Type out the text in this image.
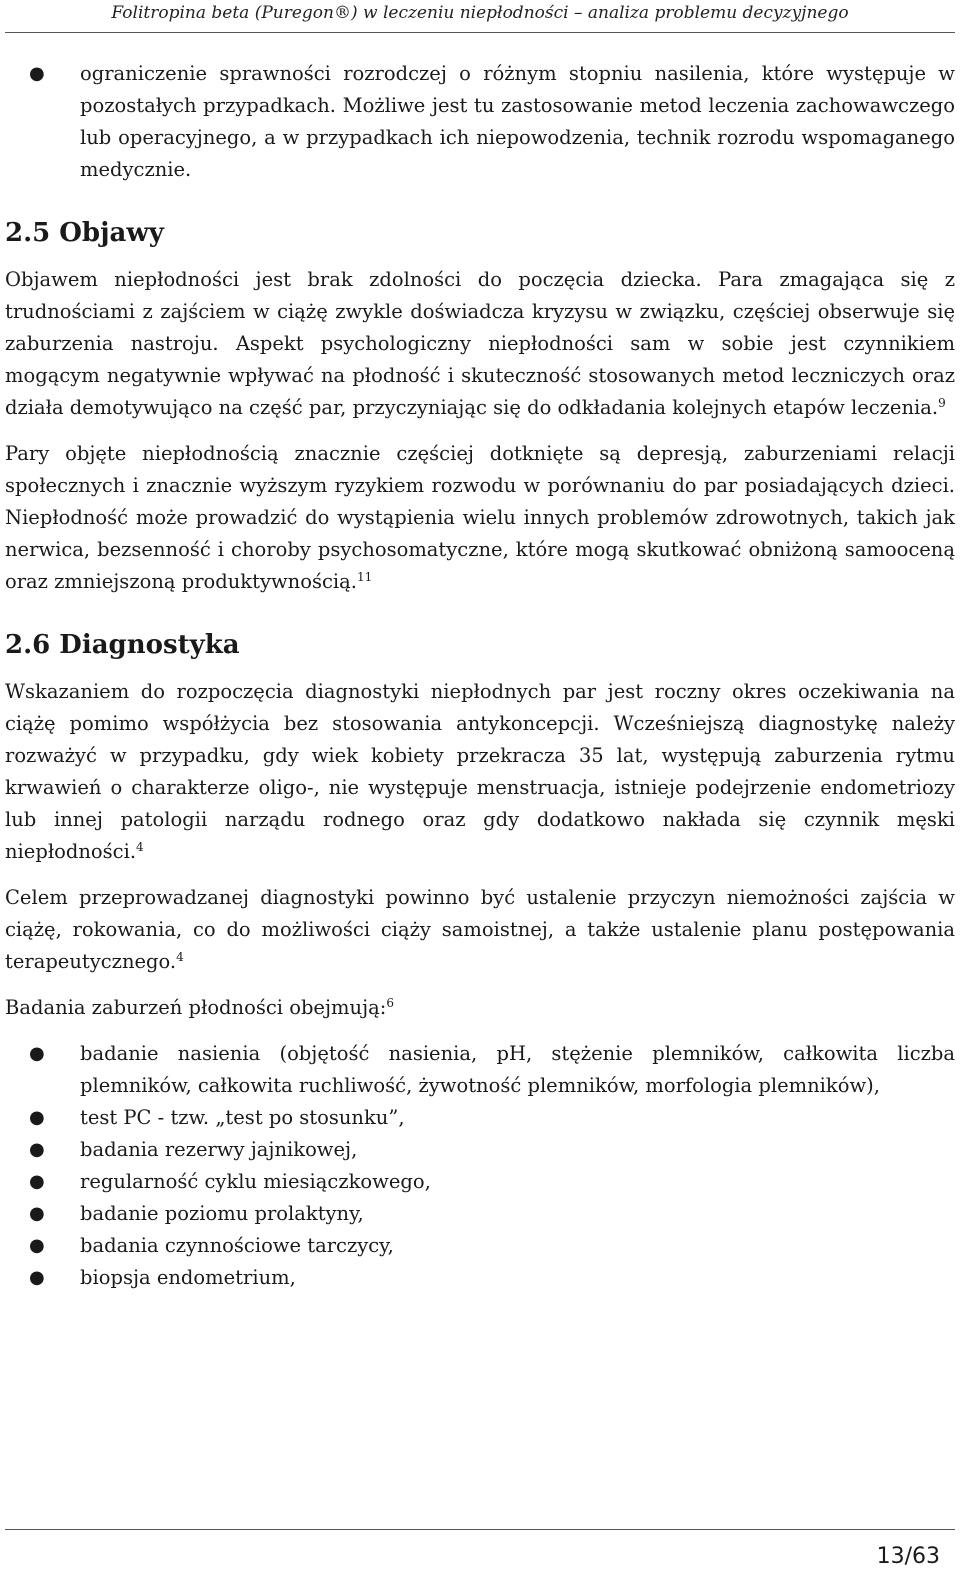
Folitropina beta (Puregon®) w leczeniu niepłodności – analiza problemu decyzyjnego
● ograniczenie sprawności rozrodczej o różnym stopniu nasilenia, które występuje w pozostałych przypadkach. Możliwe jest tu zastosowanie metod leczenia zachowawczego lub operacyjnego, a w przypadkach ich niepowodzenia, technik rozrodu wspomaganego medycznie.
2.5 Objawy

Objawem niepłodności jest brak zdolności do poczęcia dziecka. Para zmagająca się z trudnościami z zajściem w ciążę zwykle doświadcza kryzysu w związku, częściej obserwuje się zaburzenia nastroju. Aspekt psychologiczny niepłodności sam w sobie jest czynnikiem mogącym negatywnie wpływać na płodność i skuteczność stosowanych metod leczniczych oraz działa demotywująco na część par, przyczyniając się do odkładania kolejnych etapów leczenia.$^9$

Pary objęte niepłodnością znacznie częściej dotknięte są depresją, zaburzeniami relacji społecznych i znacznie wyższym ryzykiem rozwodu w porównaniu do par posiadających dzieci. Niepłodność może prowadzić do wystąpienia wielu innych problemów zdrowotnych, takich jak nerwica, bezsenność i choroby psychosomatyczne, które mogą skutkować obniżoną samooceną oraz zmniejszoną produktywnością.$^{11}$

2.6 Diagnostyka

Wskazaniem do rozpoczęcia diagnostyki niepłodnych par jest roczny okres oczekiwania na ciążę pomimo współżycia bez stosowania antykoncepcji. Wcześniejszą diagnostykę należy rozważyć w przypadku, gdy wiek kobiety przekracza 35 lat, występują zaburzenia rytmu krwawień o charakterze oligo-, nie występuje menstruacja, istnieje podejrzenie endometriozy lub innej patologii narządu rodnego oraz gdy dodatkowo nakłada się czynnik męski niepłodności.$^4$

Celem przeprowadzanej diagnostyki powinno być ustalenie przyczyn niemożności zajścia w ciążę, rokowania, co do możliwości ciąży samoistnej, a także ustalenie planu postępowania terapeutycznego.$^4$

Badania zaburzeń płodności obejmują:$^6$

● badanie nasienia (objętość nasienia, pH, stężenie plemników, całkowita liczba plemników, całkowita ruchliwość, żywotność plemników, morfologia plemników),
● test PC - tzw. „test po stosunku”,
● badania rezerwy jajnikowej,
● regularność cyklu miesiączkowego,
● badanie poziomu prolaktyny,
● badania czynnościowe tarczycy,
● biopsja endometrium,
13/63
